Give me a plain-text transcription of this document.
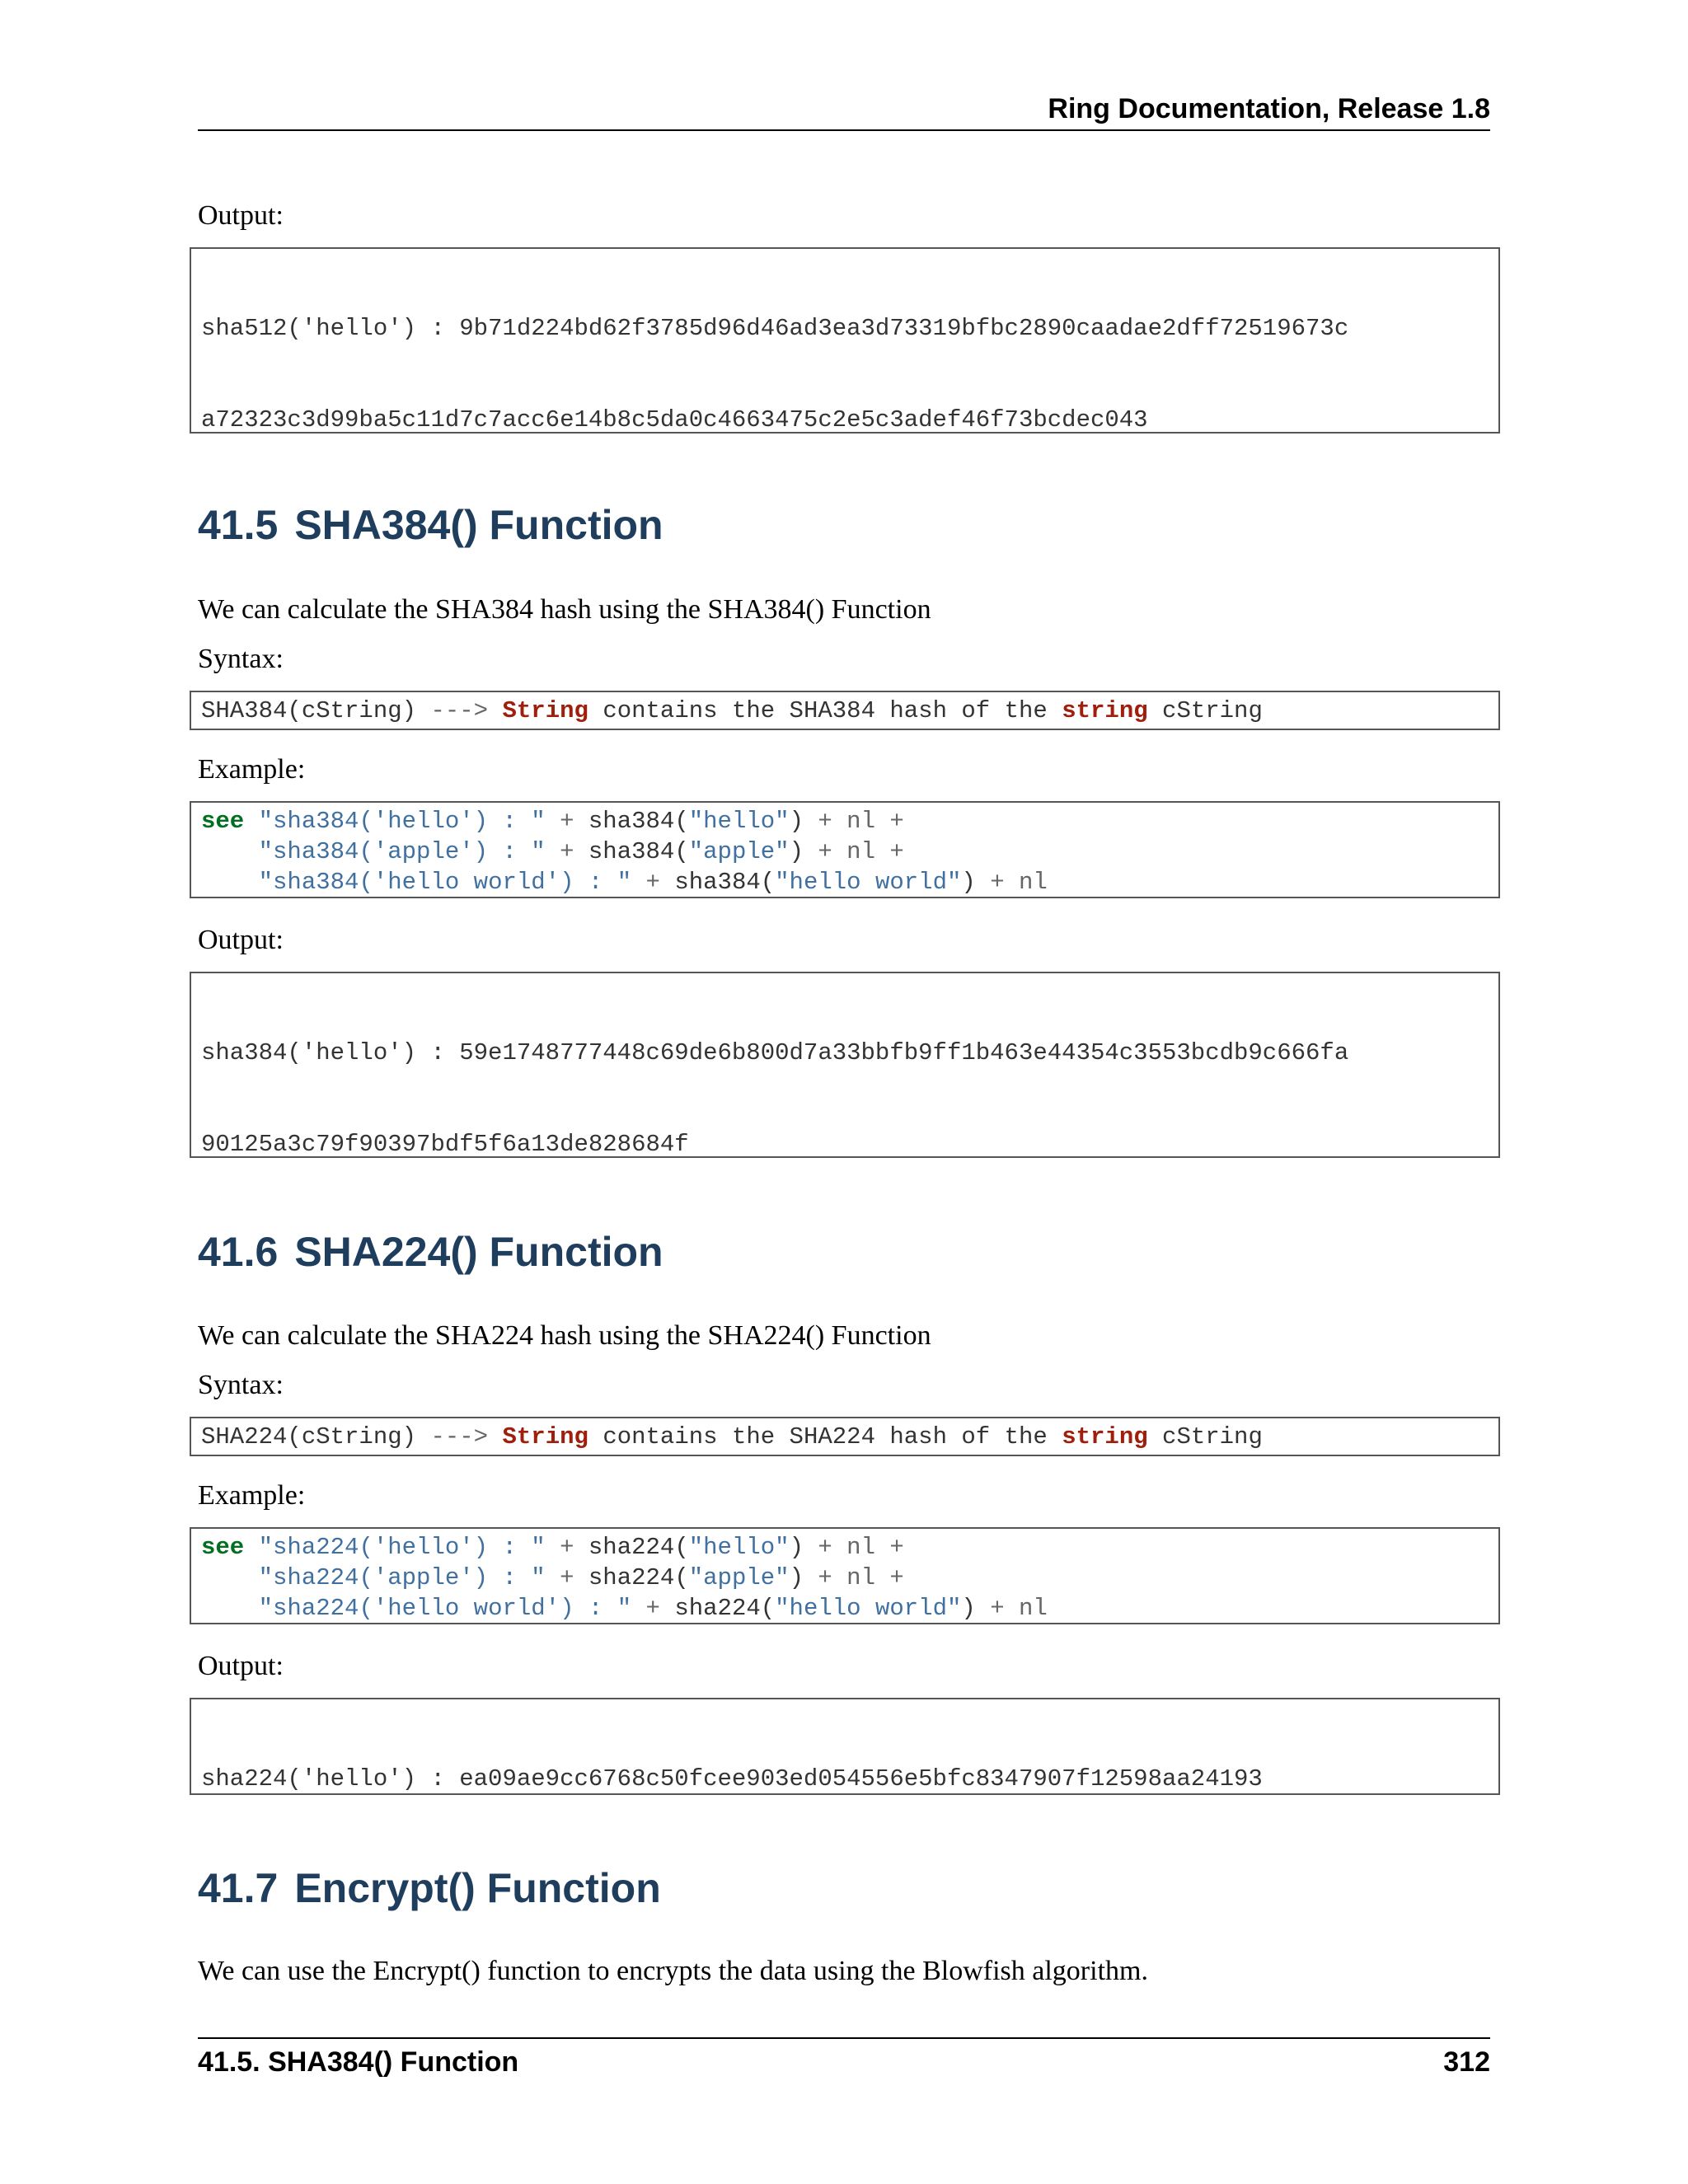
Ring Documentation, Release 1.8
Output:

sha512('hello') : 9b71d224bd62f3785d96d46ad3ea3d73319bfbc2890caadae2dff72519673c

a72323c3d99ba5c11d7c7acc6e14b8c5da0c4663475c2e5c3adef46f73bcdec043

41.5 SHA384() Function
We can calculate the SHA384 hash using the SHA384() Function
Syntax:
SHA384(cString) ---> String contains the SHA384 hash of the string cString
Example:
see "sha384('hello') : " + sha384("hello") + nl +
"sha384('apple') : " + sha384("apple") + nl +
"sha384('hello world') : " + sha384("hello world") + nl
Output:

sha384('hello') : 59e1748777448c69de6b800d7a33bbfb9ff1b463e44354c3553bcdb9c666fa

90125a3c79f90397bdf5f6a13de828684f

41.6 SHA224() Function
We can calculate the SHA224 hash using the SHA224() Function
Syntax:
SHA224(cString) ---> String contains the SHA224 hash of the string cString
Example:
see "sha224('hello') : " + sha224("hello") + nl +
"sha224('apple') : " + sha224("apple") + nl +
"sha224('hello world') : " + sha224("hello world") + nl
Output:

sha224('hello') : ea09ae9cc6768c50fcee903ed054556e5bfc8347907f12598aa24193

41.7 Encrypt() Function
We can use the Encrypt() function to encrypts the data using the Blowfish algorithm.
41.5. SHA384() Function	312
